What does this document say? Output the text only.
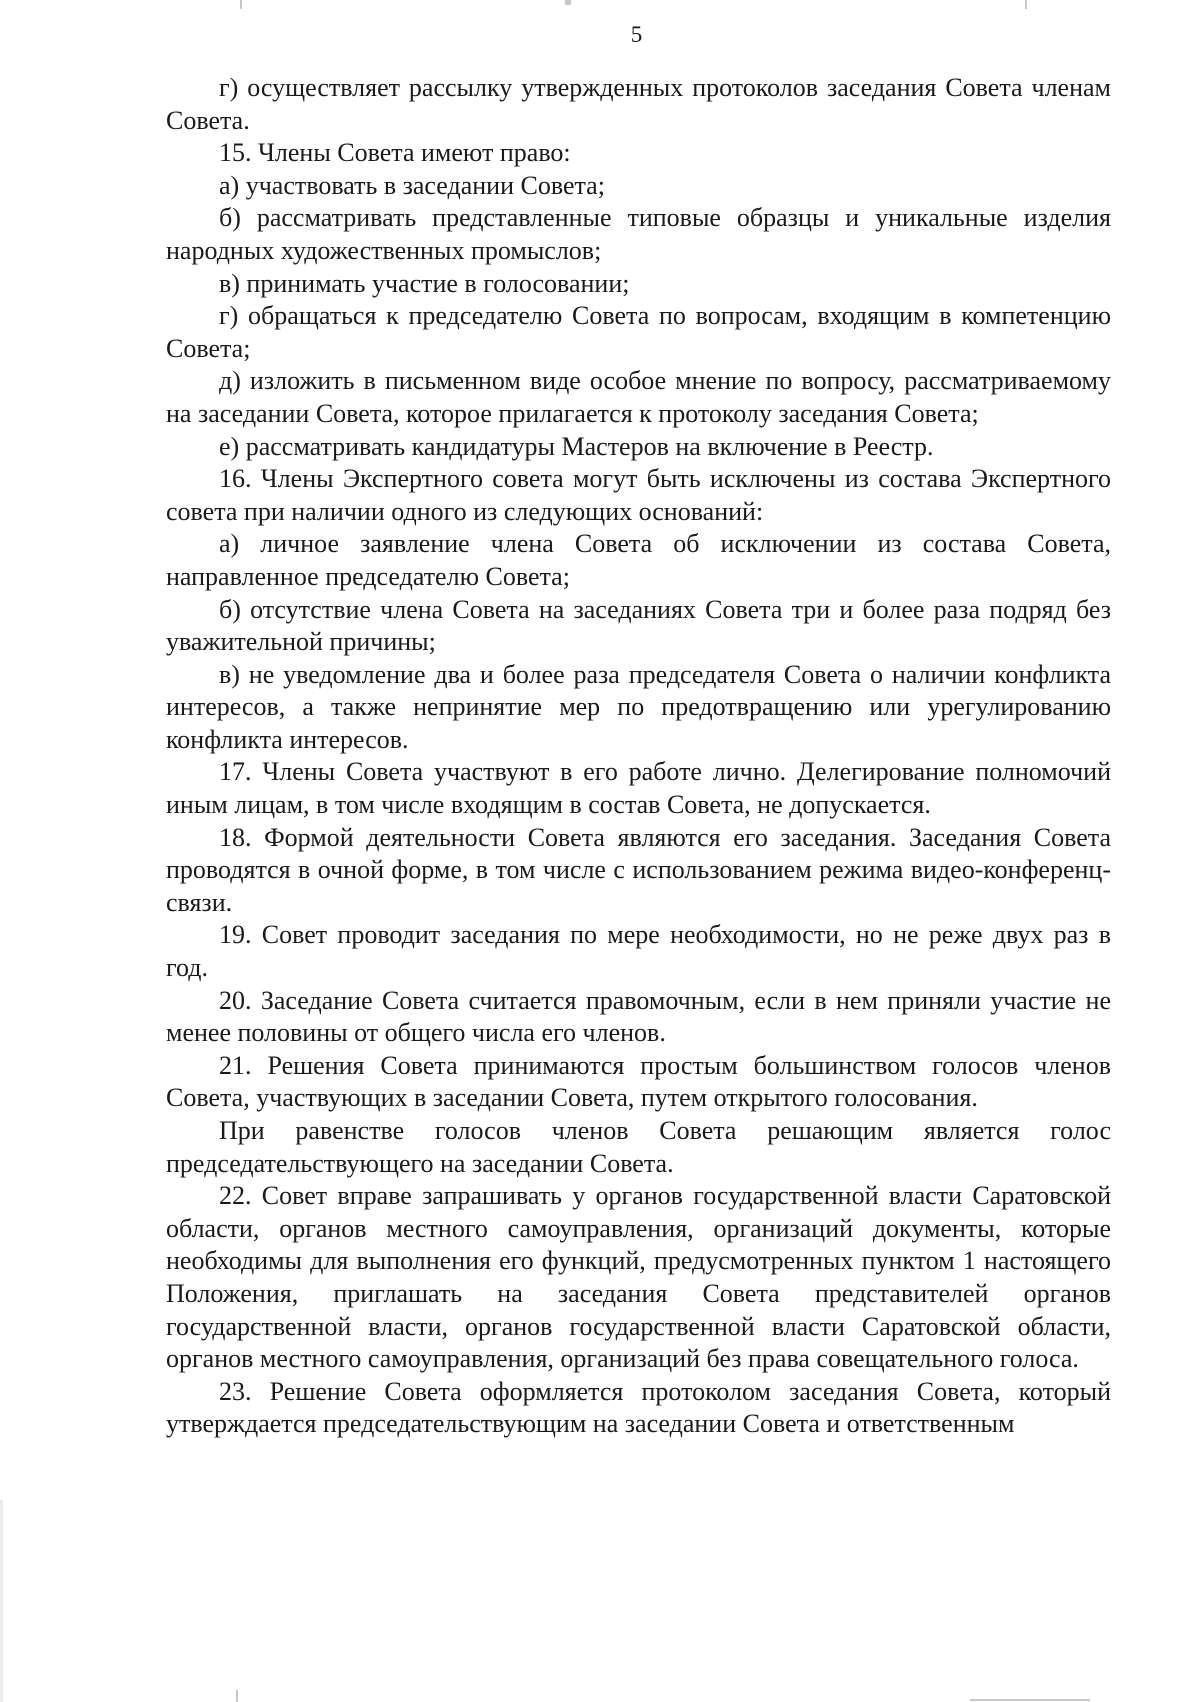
5

г) осуществляет рассылку утвержденных протоколов заседания Совета членам Совета.

15. Члены Совета имеют право:

а) участвовать в заседании Совета;

б) рассматривать представленные типовые образцы и уникальные изделия народных художественных промыслов;

в) принимать участие в голосовании;

г) обращаться к председателю Совета по вопросам, входящим в компетенцию Совета;

д) изложить в письменном виде особое мнение по вопросу, рассматриваемому на заседании Совета, которое прилагается к протоколу заседания Совета;

е) рассматривать кандидатуры Мастеров на включение в Реестр.

16. Члены Экспертного совета могут быть исключены из состава Экспертного совета при наличии одного из следующих оснований:

а) личное заявление члена Совета об исключении из состава Совета, направленное председателю Совета;

б) отсутствие члена Совета на заседаниях Совета три и более раза подряд без уважительной причины;

в) не уведомление два и более раза председателя Совета о наличии конфликта интересов, а также непринятие мер по предотвращению или урегулированию конфликта интересов.

17. Члены Совета участвуют в его работе лично. Делегирование полномочий иным лицам, в том числе входящим в состав Совета, не допускается.

18. Формой деятельности Совета являются его заседания. Заседания Совета проводятся в очной форме, в том числе с использованием режима видео-конференц-связи.

19. Совет проводит заседания по мере необходимости, но не реже двух раз в год.

20. Заседание Совета считается правомочным, если в нем приняли участие не менее половины от общего числа его членов.

21. Решения Совета принимаются простым большинством голосов членов Совета, участвующих в заседании Совета, путем открытого голосования.

При равенстве голосов членов Совета решающим является голос председательствующего на заседании Совета.

22. Совет вправе запрашивать у органов государственной власти Саратовской области, органов местного самоуправления, организаций документы, которые необходимы для выполнения его функций, предусмотренных пунктом 1 настоящего Положения, приглашать на заседания Совета представителей органов государственной власти, органов государственной власти Саратовской области, органов местного самоуправления, организаций без права совещательного голоса.

23. Решение Совета оформляется протоколом заседания Совета, который утверждается председательствующим на заседании Совета и ответственным
